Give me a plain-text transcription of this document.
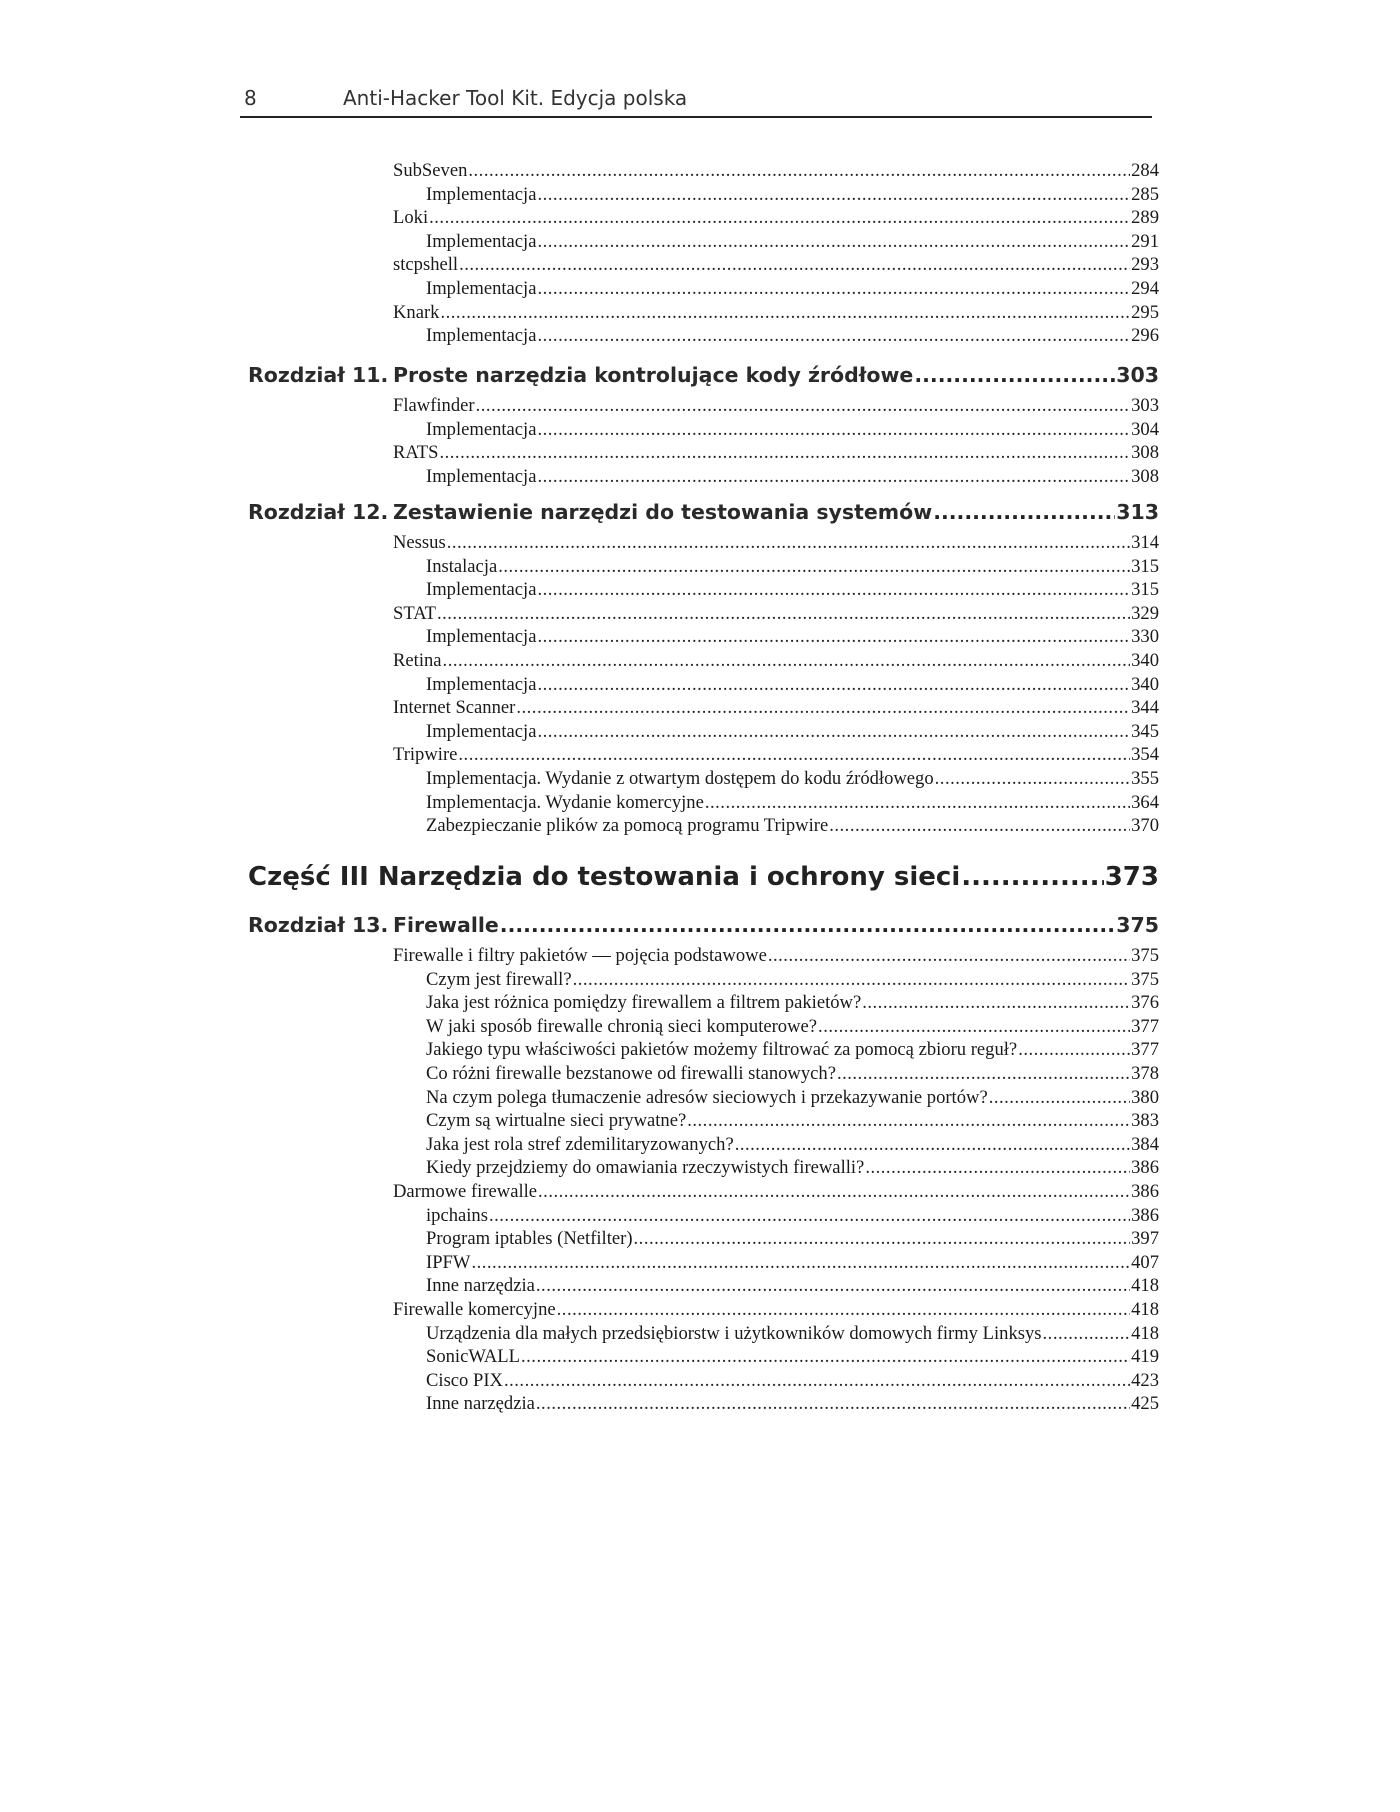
8	Anti-Hacker Tool Kit. Edycja polska
SubSeven .....	284
Implementacja .....	285
Loki .....	289
Implementacja .....	291
stcpshell .....	293
Implementacja .....	294
Knark .....	295
Implementacja .....	296
Rozdział 11. Proste narzędzia kontrolujące kody źródłowe .....	303
Flawfinder .....	303
Implementacja .....	304
RATS .....	308
Implementacja .....	308
Rozdział 12. Zestawienie narzędzi do testowania systemów .....	313
Nessus .....	314
Instalacja .....	315
Implementacja .....	315
STAT .....	329
Implementacja .....	330
Retina .....	340
Implementacja .....	340
Internet Scanner .....	344
Implementacja .....	345
Tripwire .....	354
Implementacja. Wydanie z otwartym dostępem do kodu źródłowego .....	355
Implementacja. Wydanie komercyjne .....	364
Zabezpieczanie plików za pomocą programu Tripwire .....	370
Część III Narzędzia do testowania i ochrony sieci .....	373
Rozdział 13. Firewalle .....	375
Firewalle i filtry pakietów — pojęcia podstawowe .....	375
Czym jest firewall? .....	375
Jaka jest różnica pomiędzy firewallem a filtrem pakietów? .....	376
W jaki sposób firewalle chronią sieci komputerowe? .....	377
Jakiego typu właściwości pakietów możemy filtrować za pomocą zbioru reguł? .....	377
Co różni firewalle bezstanowe od firewalli stanowych? .....	378
Na czym polega tłumaczenie adresów sieciowych i przekazywanie portów? .....	380
Czym są wirtualne sieci prywatne? .....	383
Jaka jest rola stref zdemilitaryzowanych? .....	384
Kiedy przejdziemy do omawiania rzeczywistych firewalli? .....	386
Darmowe firewalle .....	386
ipchains .....	386
Program iptables (Netfilter) .....	397
IPFW .....	407
Inne narzędzia .....	418
Firewalle komercyjne .....	418
Urządzenia dla małych przedsiębiorstw i użytkowników domowych firmy Linksys .....	418
SonicWALL .....	419
Cisco PIX .....	423
Inne narzędzia .....	425
